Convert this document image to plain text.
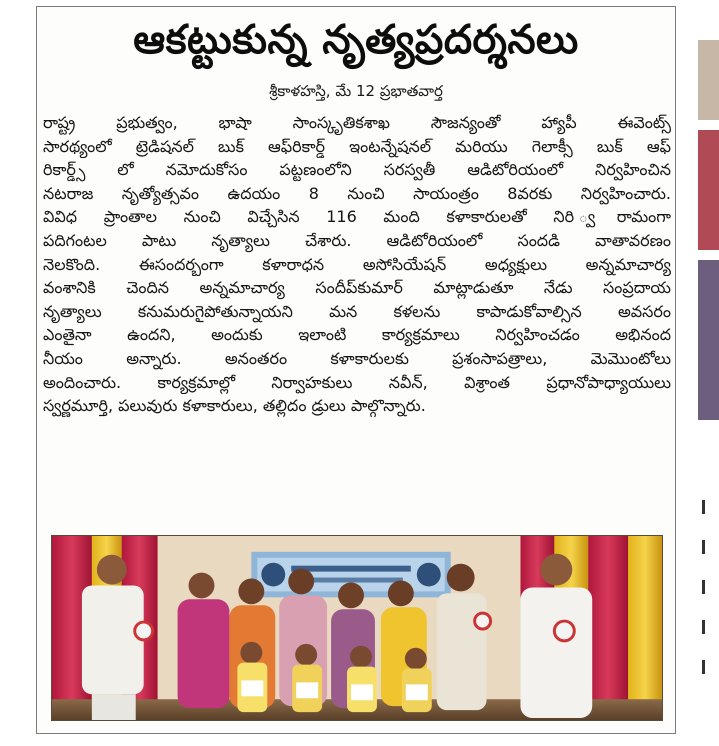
ఆకట్టుకున్న నృత్యప్రదర్శనలు
శ్రీకాళహస్తి, మే 12 ప్రభాతవార్త
రాష్ట్ర ప్రభుత్వం, భాషా సాంస్కృతికశాఖ సౌజన్యంతో హ్యాపీ ఈవెంట్స్
సారథ్యంలో ట్రెడిషనల్ బుక్ ఆఫ్‌రికార్డ్ ఇంటన్నేషనల్ మరియు గెలాక్సీ బుక్ ఆఫ్
రికార్డ్స్ లో నమోదుకోసం పట్టణంలోని సరస్వతీ ఆడిటోరియంలో నిర్వహించిన
నటరాజ నృత్యోత్సవం ఉదయం 8 నుంచి సాయంత్రం 8వరకు నిర్వహించారు.
వివిధ ప్రాంతాల నుంచి విచ్చేసిన 116 మంది కళాకారులతో నిరి ్వరామంగా
పదిగంటల పాటు నృత్యాలు చేశారు. ఆడిటోరియంలో సందడి వాతావరణం
నెలకొంది. ఈసందర్భంగా కళారాధన అసోసియేషన్ అధ్యక్షులు అన్నమాచార్య
వంశానికి చెందిన అన్నమాచార్య సందీప్‌కుమార్ మాట్లాడుతూ నేడు సంప్రదాయ
నృత్యాలు కనుమరుగైపోతున్నాయని మన కళలను కాపాడుకోవాల్సిన అవసరం
ఎంతైనా ఉందని, అందుకు ఇలాంటి కార్యక్రమాలు నిర్వహించడం అభినంద
నీయం అన్నారు. అనంతరం కళాకారులకు ప్రశంసాపత్రాలు, మెమొంటోలు
అందించారు. కార్యక్రమాల్లో నిర్వాహకులు నవీన్, విశ్రాంత ప్రధానోపాధ్యాయులు
స్వర్ణమూర్తి, పలువురు కళాకారులు, తల్లిదం డ్రులు పాల్గొన్నారు.
